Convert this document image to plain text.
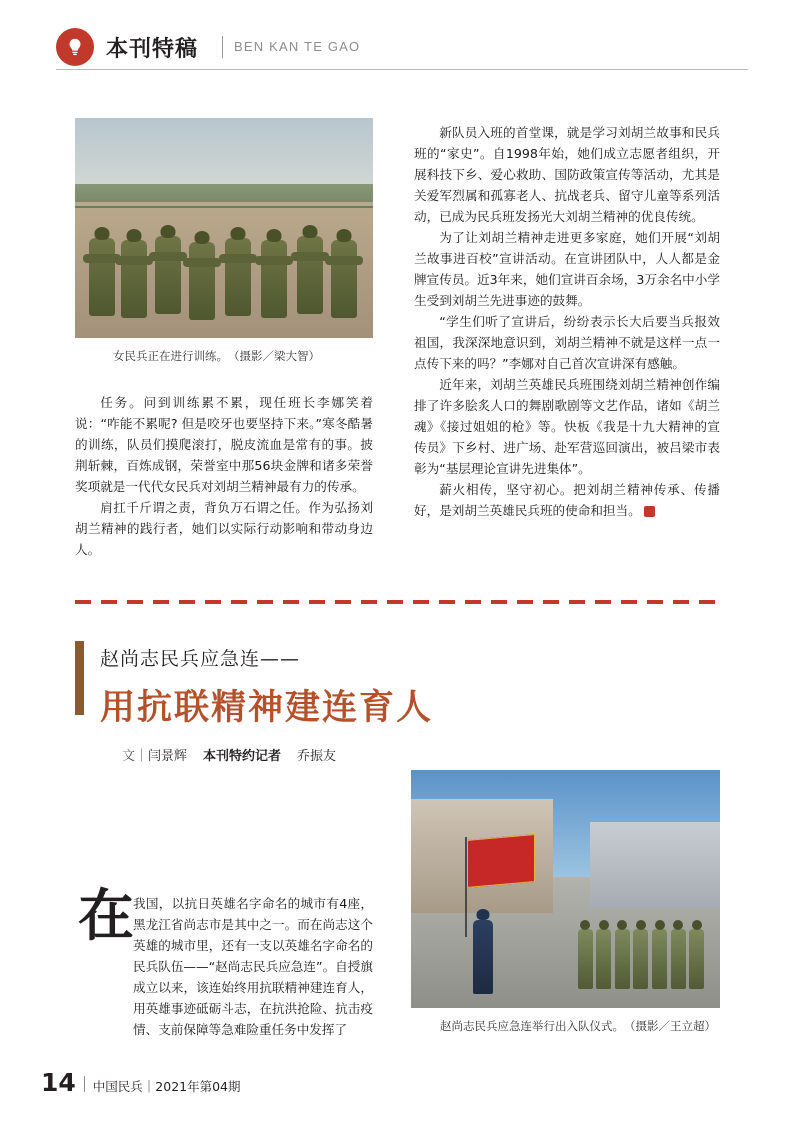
本刊特稿	BEN KAN TE GAO
女民兵正在进行训练。　（摄影／梁大智）

任务。问到训练累不累，现任班长李娜笑着说：“咋能不累呢? 但是咬牙也要坚持下来。”寒冬酷暑的训练，队员们摸爬滚打，脱皮流血是常有的事。披荆斩棘，百炼成钢，荣誉室中那56块金牌和诸多荣誉奖项就是一代代女民兵对刘胡兰精神最有力的传承。

肩扛千斤谓之责，背负万石谓之任。作为弘扬刘胡兰精神的践行者，她们以实际行动影响和带动身边人。

新队员入班的首堂课，就是学习刘胡兰故事和民兵班的“家史”。自1998年始，她们成立志愿者组织，开展科技下乡、爱心救助、国防政策宣传等活动，尤其是关爱军烈属和孤寡老人、抗战老兵、留守儿童等系列活动，已成为民兵班发扬光大刘胡兰精神的优良传统。

为了让刘胡兰精神走进更多家庭，她们开展“刘胡兰故事进百校”宣讲活动。在宣讲团队中，人人都是金牌宣传员。近3年来，她们宣讲百余场，3万余名中小学生受到刘胡兰先进事迹的鼓舞。

“学生们听了宣讲后，纷纷表示长大后要当兵报效祖国，我深深地意识到，刘胡兰精神不就是这样一点一点传下来的吗？”李娜对自己首次宣讲深有感触。

近年来，刘胡兰英雄民兵班围绕刘胡兰精神创作编排了许多脍炙人口的舞剧歌剧等文艺作品，诸如《胡兰魂》《接过姐姐的枪》等。快板《我是十九大精神的宣传员》下乡村、进广场、赴军营巡回演出，被吕梁市表彰为“基层理论宣讲先进集体”。

薪火相传，坚守初心。把刘胡兰精神传承、传播好，是刘胡兰英雄民兵班的使命和担当。	■

赵尚志民兵应急连——
用抗联精神建连育人
文｜闫景辉 本刊特约记者 乔振友
在 我国，以抗日英雄名字命名的城市有4座，黑龙江省尚志市是其中之一。而在尚志这个英雄的城市里，还有一支以英雄名字命名的民兵队伍——“赵尚志民兵应急连”。自授旗成立以来，该连始终用抗联精神建连育人，用英雄事迹砥砺斗志，在抗洪抢险、抗击疫情、支前保障等急难险重任务中发挥了	赵尚志民兵应急连举行出入队仪式。　（摄影／王立超）
14 中国民兵｜2021年第04期
